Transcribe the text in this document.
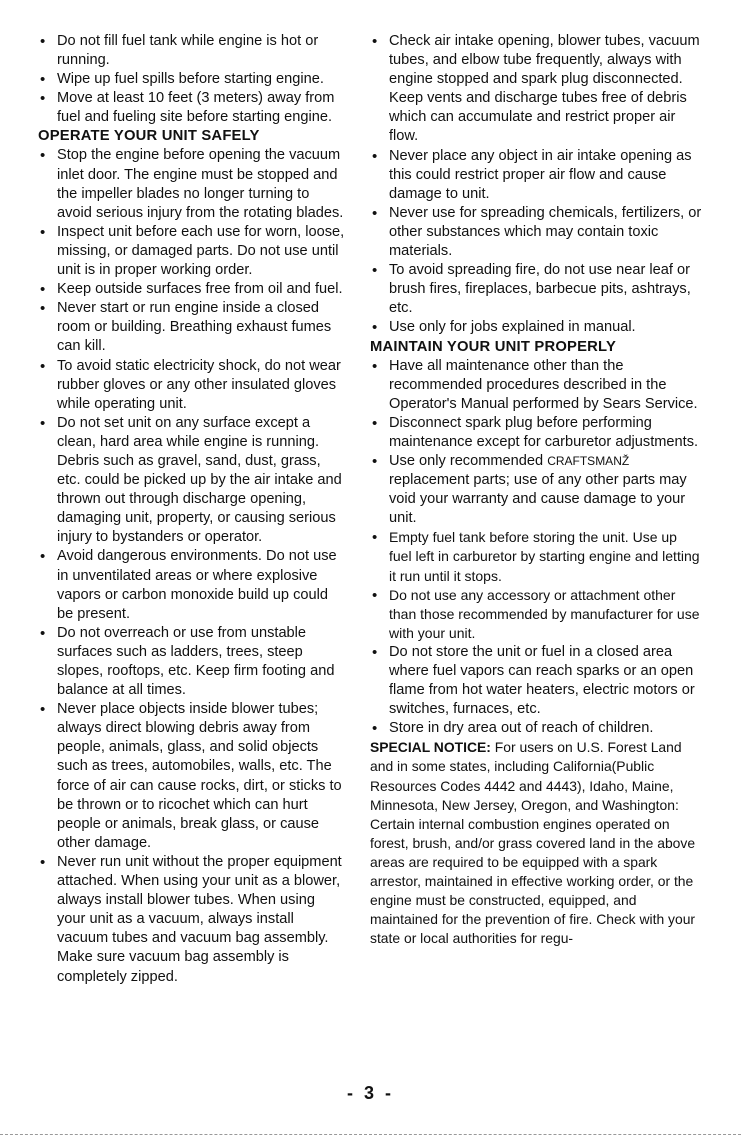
• Do not fill fuel tank while engine is hot or running.
• Wipe up fuel spills before starting engine.
• Move at least 10 feet (3 meters) away from fuel and fueling site before starting engine.

OPERATE YOUR UNIT SAFELY

• Stop the engine before opening the vacuum inlet door. The engine must be stopped and the impeller blades no longer turning to avoid serious injury from the rotating blades.
• Inspect unit before each use for worn, loose, missing, or damaged parts. Do not use until unit is in proper working order.
• Keep outside surfaces free from oil and fuel.
• Never start or run engine inside a closed room or building. Breathing exhaust fumes can kill.
• To avoid static electricity shock, do not wear rubber gloves or any other insulated gloves while operating unit.
• Do not set unit on any surface except a clean, hard area while engine is running. Debris such as gravel, sand, dust, grass, etc. could be picked up by the air intake and thrown out through discharge opening, damaging unit, property, or causing serious injury to bystanders or operator.
• Avoid dangerous environments. Do not use in unventilated areas or where explosive vapors or carbon monoxide build up could be present.
• Do not overreach or use from unstable surfaces such as ladders, trees, steep slopes, rooftops, etc. Keep firm footing and balance at all times.
• Never place objects inside blower tubes; always direct blowing debris away from people, animals, glass, and solid objects such as trees, automobiles, walls, etc. The force of air can cause rocks, dirt, or sticks to be thrown or to ricochet which can hurt people or animals, break glass, or cause other damage.
• Never run unit without the proper equipment attached. When using your unit as a blower, always install blower tubes. When using your unit as a vacuum, always install vacuum tubes and vacuum bag assembly. Make sure vacuum bag assembly is completely zipped.
• Check air intake opening, blower tubes, vacuum tubes, and elbow tube frequently, always with engine stopped and spark plug disconnected. Keep vents and discharge tubes free of debris which can accumulate and restrict proper air flow.
• Never place any object in air intake opening as this could restrict proper air flow and cause damage to unit.
• Never use for spreading chemicals, fertilizers, or other substances which may contain toxic materials.
• To avoid spreading fire, do not use near leaf or brush fires, fireplaces, barbecue pits, ashtrays, etc.
• Use only for jobs explained in manual.

MAINTAIN YOUR UNIT PROPERLY

• Have all maintenance other than the recommended procedures described in the Operator's Manual performed by Sears Service.
• Disconnect spark plug before performing maintenance except for carburetor adjustments.
• Use only recommended CRAFTSMANŽ replacement parts; use of any other parts may void your warranty and cause damage to your unit.
• Empty fuel tank before storing the unit. Use up fuel left in carburetor by starting engine and letting it run until it stops.
• Do not use any accessory or attachment other than those recommended by manufacturer for use with your unit.
• Do not store the unit or fuel in a closed area where fuel vapors can reach sparks or an open flame from hot water heaters, electric motors or switches, furnaces, etc.
• Store in dry area out of reach of children.

SPECIAL NOTICE: For users on U.S. Forest Land and in some states, including California(Public Resources Codes 4442 and 4443), Idaho, Maine, Minnesota, New Jersey, Oregon, and Washington: Certain internal combustion engines operated on forest, brush, and/or grass covered land in the above areas are required to be equipped with a spark arrestor, maintained in effective working order, or the engine must be constructed, equipped, and maintained for the prevention of fire. Check with your state or local authorities for regu-

- 3 -
